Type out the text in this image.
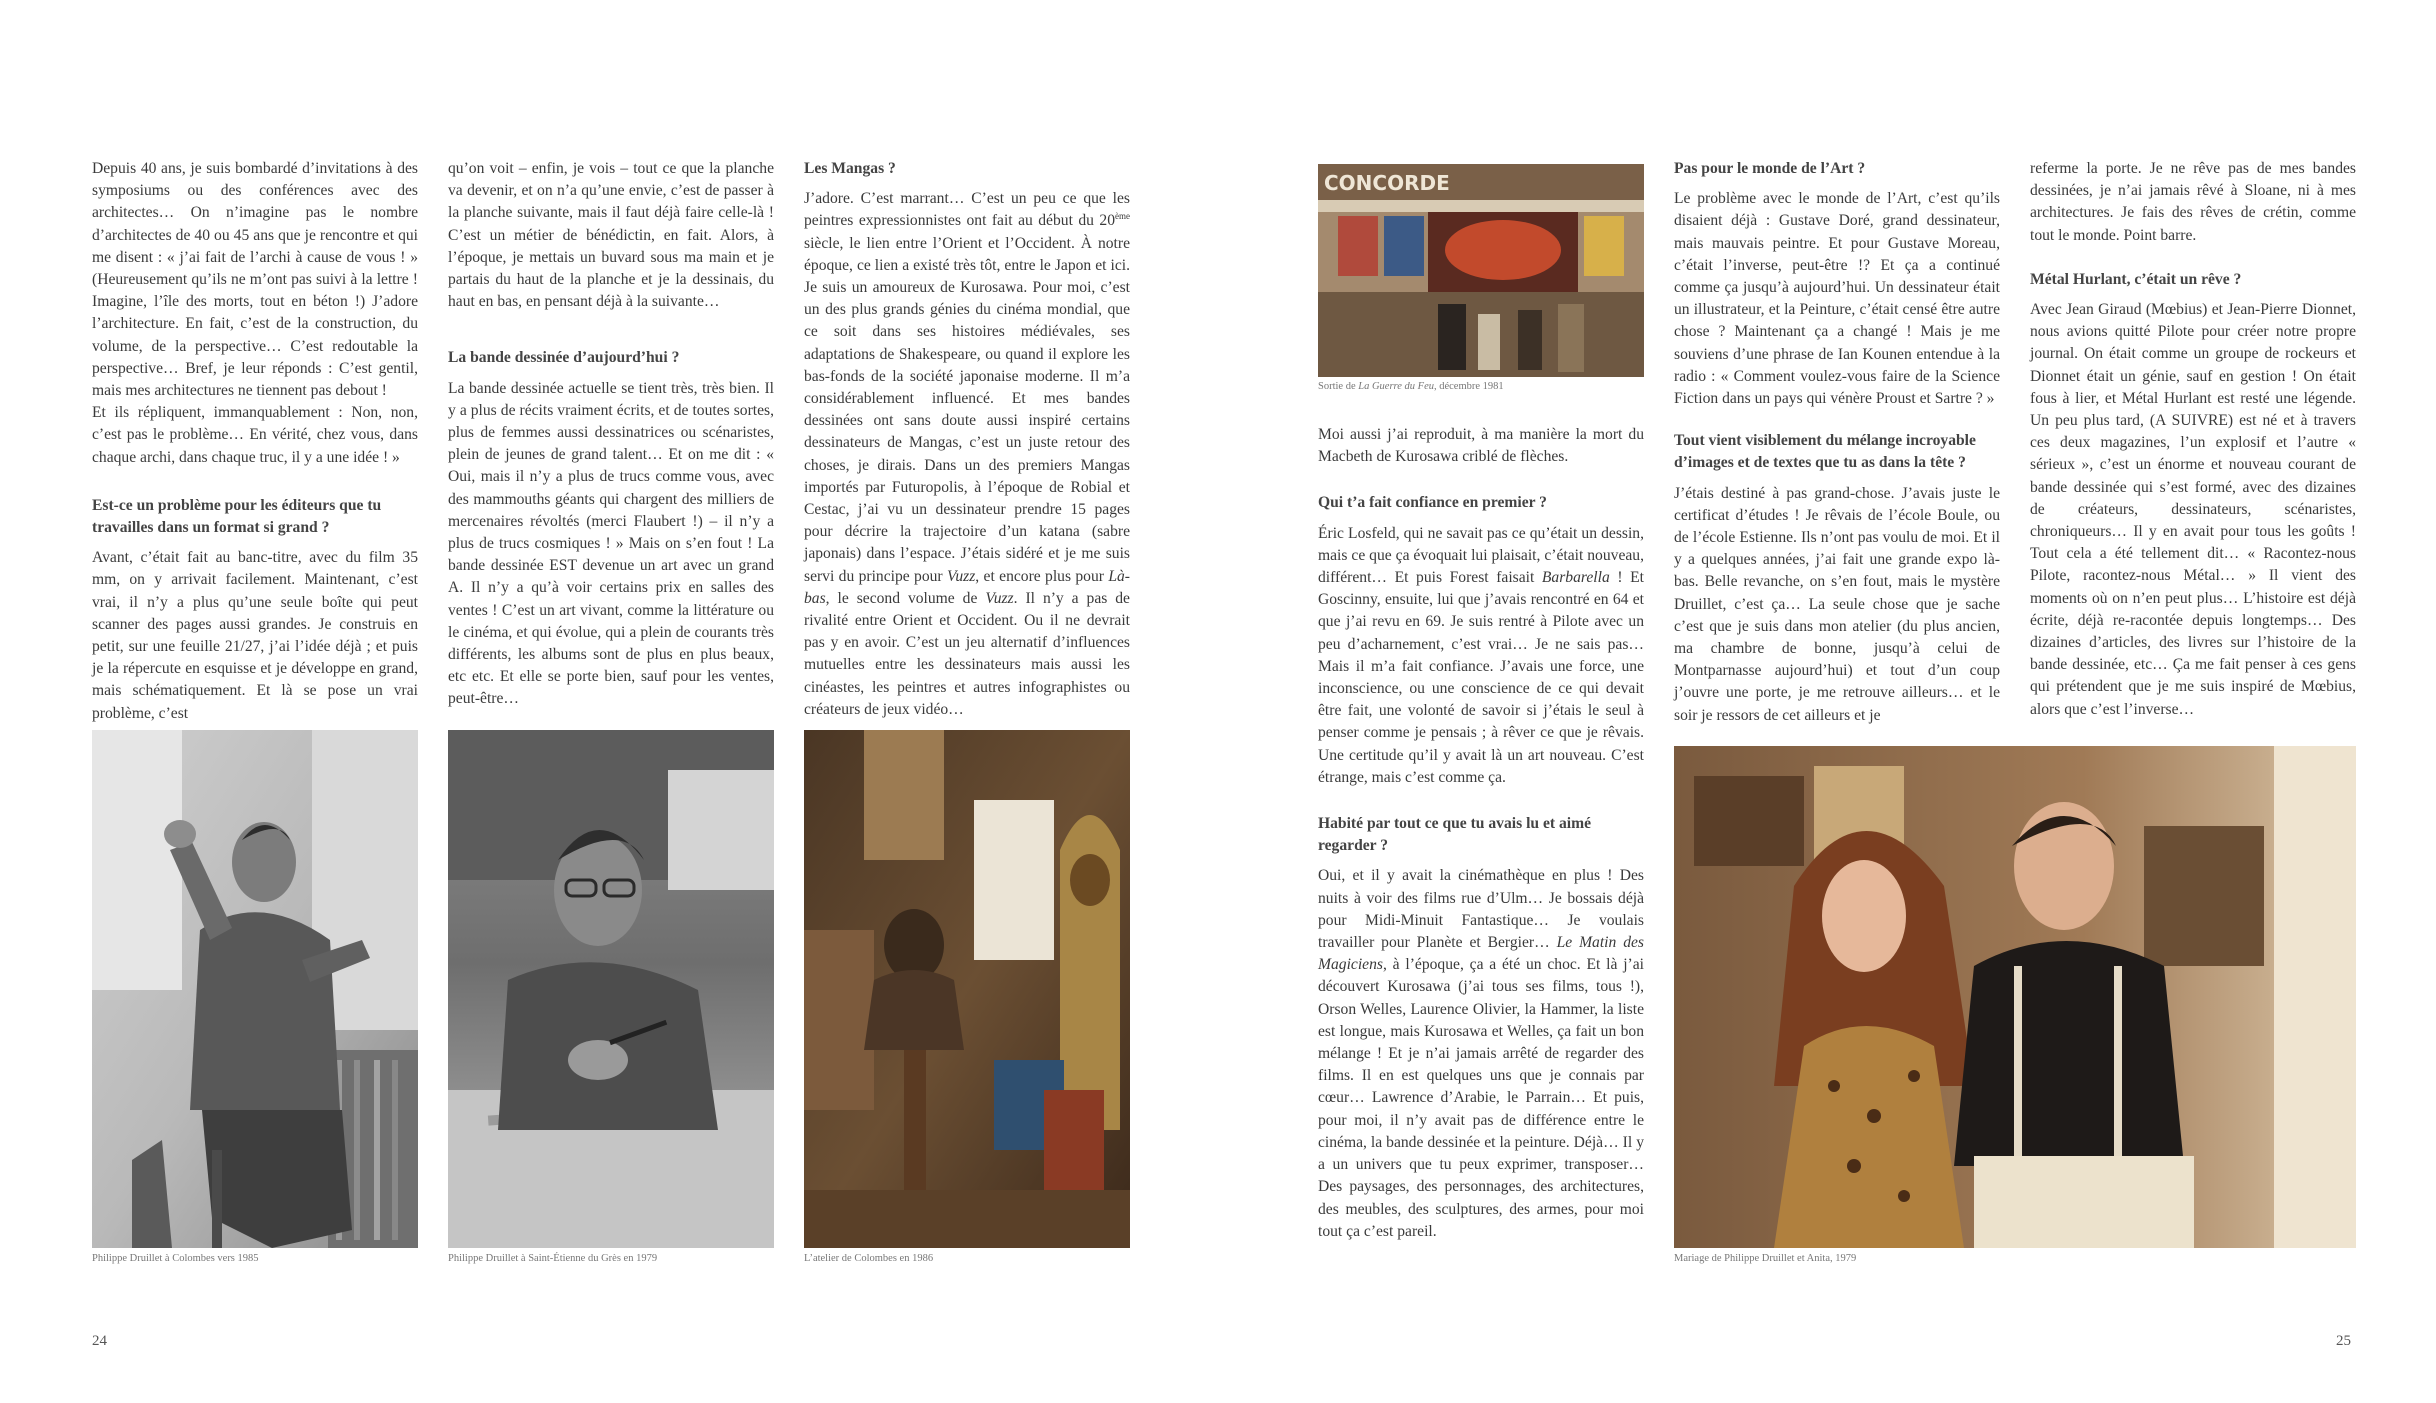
Depuis 40 ans, je suis bombardé d’invitations à des symposiums ou des conférences avec des architectes… On n’imagine pas le nombre d’architectes de 40 ou 45 ans que je rencontre et qui me disent : « j’ai fait de l’archi à cause de vous ! » (Heureusement qu’ils ne m’ont pas suivi à la lettre ! Imagine, l’île des morts, tout en béton !) J’adore l’architecture. En fait, c’est de la construction, du volume, de la perspective… C’est redoutable la perspective… Bref, je leur réponds : C’est gentil, mais mes architectures ne tiennent pas debout !

Et ils répliquent, immanquablement : Non, non, c’est pas le problème… En vérité, chez vous, dans chaque archi, dans chaque truc, il y a une idée ! »

Est-ce un problème pour les éditeurs que tu travailles dans un format si grand ?

Avant, c’était fait au banc-titre, avec du film 35 mm, on y arrivait facilement. Maintenant, c’est vrai, il n’y a plus qu’une seule boîte qui peut scanner des pages aussi grandes. Je construis en petit, sur une feuille 21/27, j’ai l’idée déjà ; et puis je la répercute en esquisse et je développe en grand, mais schématiquement. Et là se pose un vrai problème, c’est

qu’on voit – enfin, je vois – tout ce que la planche va devenir, et on n’a qu’une envie, c’est de passer à la planche suivante, mais il faut déjà faire celle-là ! C’est un métier de bénédictin, en fait. Alors, à l’époque, je mettais un buvard sous ma main et je partais du haut de la planche et je la dessinais, du haut en bas, en pensant déjà à la suivante…

La bande dessinée d’aujourd’hui ?

La bande dessinée actuelle se tient très, très bien. Il y a plus de récits vraiment écrits, et de toutes sortes, plus de femmes aussi dessinatrices ou scénaristes, plein de jeunes de grand talent… Et on me dit : « Oui, mais il n’y a plus de trucs comme vous, avec des mammouths géants qui chargent des milliers de mercenaires révoltés (merci Flaubert !) – il n’y a plus de trucs cosmiques ! » Mais on s’en fout ! La bande dessinée EST devenue un art avec un grand A. Il n’y a qu’à voir certains prix en salles des ventes ! C’est un art vivant, comme la littérature ou le cinéma, et qui évolue, qui a plein de courants très différents, les albums sont de plus en plus beaux, etc etc. Et elle se porte bien, sauf pour les ventes, peut-être…

Les Mangas ?

J’adore. C’est marrant… C’est un peu ce que les peintres expressionnistes ont fait au début du 20ème siècle, le lien entre l’Orient et l’Occident. À notre époque, ce lien a existé très tôt, entre le Japon et ici. Je suis un amoureux de Kurosawa. Pour moi, c’est un des plus grands génies du cinéma mondial, que ce soit dans ses histoires médiévales, ses adaptations de Shakespeare, ou quand il explore les bas-fonds de la société japonaise moderne. Il m’a considérablement influencé. Et mes bandes dessinées ont sans doute aussi inspiré certains dessinateurs de Mangas, c’est un juste retour des choses, je dirais. Dans un des premiers Mangas importés par Futuropolis, à l’époque de Robial et Cestac, j’ai vu un dessinateur prendre 15 pages pour décrire la trajectoire d’un katana (sabre japonais) dans l’espace. J’étais sidéré et je me suis servi du principe pour Vuzz, et encore plus pour Là-bas, le second volume de Vuzz. Il n’y a pas de rivalité entre Orient et Occident. Ou il ne devrait pas y en avoir. C’est un jeu alternatif d’influences mutuelles entre les dessinateurs mais aussi les cinéastes, les peintres et autres infographistes ou créateurs de jeux vidéo…

Philippe Druillet à Colombes vers 1985	Philippe Druillet à Saint-Étienne du Grès en 1979	L’atelier de Colombes en 1986
24
CONCORDE
Sortie de La Guerre du Feu, décembre 1981

Moi aussi j’ai reproduit, à ma manière la mort du Macbeth de Kurosawa criblé de flèches.

Qui t’a fait confiance en premier ?

Éric Losfeld, qui ne savait pas ce qu’était un dessin, mais ce que ça évoquait lui plaisait, c’était nouveau, différent… Et puis Forest faisait Barbarella ! Et Goscinny, ensuite, lui que j’avais rencontré en 64 et que j’ai revu en 69. Je suis rentré à Pilote avec un peu d’acharnement, c’est vrai… Je ne sais pas… Mais il m’a fait confiance. J’avais une force, une inconscience, ou une conscience de ce qui devait être fait, une volonté de savoir si j’étais le seul à penser comme je pensais ; à rêver ce que je rêvais. Une certitude qu’il y avait là un art nouveau. C’est étrange, mais c’est comme ça.

Habité par tout ce que tu avais lu et aimé regarder ?

Oui, et il y avait la cinémathèque en plus ! Des nuits à voir des films rue d’Ulm… Je bossais déjà pour Midi-Minuit Fantastique… Je voulais travailler pour Planète et Bergier… Le Matin des Magiciens, à l’époque, ça a été un choc. Et là j’ai découvert Kurosawa (j’ai tous ses films, tous !), Orson Welles, Laurence Olivier, la Hammer, la liste est longue, mais Kurosawa et Welles, ça fait un bon mélange ! Et je n’ai jamais arrêté de regarder des films. Il en est quelques uns que je connais par cœur… Lawrence d’Arabie, le Parrain… Et puis, pour moi, il n’y avait pas de différence entre le cinéma, la bande dessinée et la peinture. Déjà… Il y a un univers que tu peux exprimer, transposer… Des paysages, des personnages, des architectures, des meubles, des sculptures, des armes, pour moi tout ça c’est pareil.

Pas pour le monde de l’Art ?

Le problème avec le monde de l’Art, c’est qu’ils disaient déjà : Gustave Doré, grand dessinateur, mais mauvais peintre. Et pour Gustave Moreau, c’était l’inverse, peut-être !? Et ça a continué comme ça jusqu’à aujourd’hui. Un dessinateur était un illustrateur, et la Peinture, c’était censé être autre chose ? Maintenant ça a changé ! Mais je me souviens d’une phrase de Ian Kounen entendue à la radio : « Comment voulez-vous faire de la Science Fiction dans un pays qui vénère Proust et Sartre ? »

Tout vient visiblement du mélange incroyable d’images et de textes que tu as dans la tête ?

J’étais destiné à pas grand-chose. J’avais juste le certificat d’études ! Je rêvais de l’école Boule, ou de l’école Estienne. Ils n’ont pas voulu de moi. Et il y a quelques années, j’ai fait une grande expo là-bas. Belle revanche, on s’en fout, mais le mystère Druillet, c’est ça… La seule chose que je sache c’est que je suis dans mon atelier (du plus ancien, ma chambre de bonne, jusqu’à celui de Montparnasse aujourd’hui) et tout d’un coup j’ouvre une porte, je me retrouve ailleurs… et le soir je ressors de cet ailleurs et je

referme la porte. Je ne rêve pas de mes bandes dessinées, je n’ai jamais rêvé à Sloane, ni à mes architectures. Je fais des rêves de crétin, comme tout le monde. Point barre.

Métal Hurlant, c’était un rêve ?

Avec Jean Giraud (Mœbius) et Jean-Pierre Dionnet, nous avions quitté Pilote pour créer notre propre journal. On était comme un groupe de rockeurs et Dionnet était un génie, sauf en gestion ! On était fous à lier, et Métal Hurlant est resté une légende. Un peu plus tard, (A SUIVRE) est né et à travers ces deux magazines, l’un explosif et l’autre « sérieux », c’est un énorme et nouveau courant de bande dessinée qui s’est formé, avec des dizaines de créateurs, dessinateurs, scénaristes, chroniqueurs… Il y en avait pour tous les goûts ! Tout cela a été tellement dit… « Racontez-nous Pilote, racontez-nous Métal… » Il vient des moments où on n’en peut plus… L’histoire est déjà écrite, déjà re-racontée depuis longtemps… Des dizaines d’articles, des livres sur l’histoire de la bande dessinée, etc… Ça me fait penser à ces gens qui prétendent que je me suis inspiré de Mœbius, alors que c’est l’inverse…

Mariage de Philippe Druillet et Anita, 1979
25
